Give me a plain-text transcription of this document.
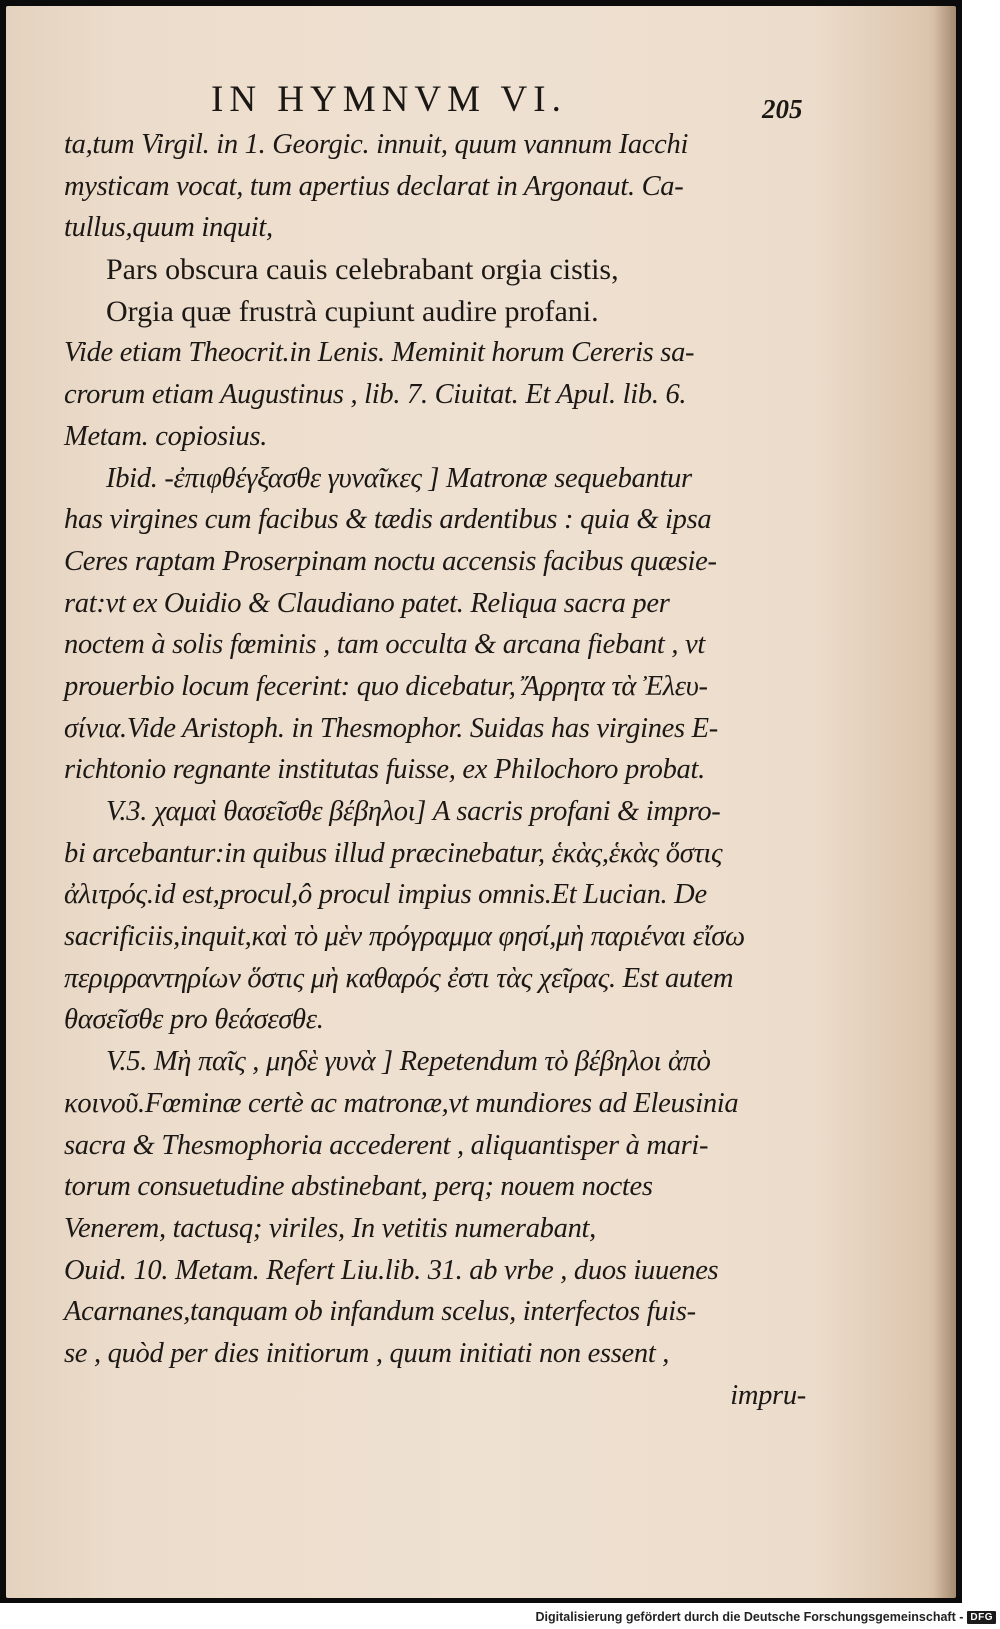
IN HYMNVM VI.	205
ta,tum Virgil. in 1. Georgic. innuit, quum vannum Iacchi
mysticam vocat, tum apertius declarat in Argonaut. Ca-
tullus,quum inquit,
Pars obscura cauis celebrabant orgia cistis,
Orgia quæ frustrà cupiunt audire profani.
Vide etiam Theocrit.in Lenis. Meminit horum Cereris sa-
crorum etiam Augustinus , lib. 7. Ciuitat. Et Apul. lib. 6.
Metam. copiosius.
Ibid. -ἐπιφθέγξασθε γυναῖκες ] Matronæ sequebantur
has virgines cum facibus & tædis ardentibus : quia & ipsa
Ceres raptam Proserpinam noctu accensis facibus quæsie-
rat:vt ex Ouidio & Claudiano patet. Reliqua sacra per
noctem à solis fœminis , tam occulta & arcana fiebant , vt
prouerbio locum fecerint: quo dicebatur, Ἄρρητα τὰ Ἐλευ-
σίνια.Vide Aristoph. in Thesmophor. Suidas has virgines E-
richtonio regnante institutas fuisse, ex Philochoro probat.
V.3. χαμαὶ θασεῖσθε βέβηλοι] A sacris profani & impro-
bi arcebantur:in quibus illud præcinebatur, ἑκὰς,ἑκὰς ὅστις
ἀλιτρός.id est,procul,ô procul impius omnis.Et Lucian. De
sacrificiis,inquit,καὶ τὸ μὲν πρόγραμμα φησί,μὴ παριέναι εἴσω
περιρραντηρίων ὅστις μὴ καθαρός ἐστι τὰς χεῖρας. Est autem
θασεῖσθε pro θεάσεσθε.
V.5. Μὴ παῖς , μηδὲ γυνὰ ] Repetendum τὸ βέβηλοι ἀπὸ
κοινοῦ.Fœminæ certè ac matronæ,vt mundiores ad Eleusinia
sacra & Thesmophoria accederent , aliquantisper à mari-
torum consuetudine abstinebant, perq; nouem noctes
Venerem, tactusq; viriles, In vetitis numerabant,
Ouid. 10. Metam. Refert Liu.lib. 31. ab vrbe , duos iuuenes
Acarnanes,tanquam ob infandum scelus, interfectos fuis-
se , quòd per dies initiorum , quum initiati non essent ,
impru-
Digitalisierung gefördert durch die Deutsche Forschungsgemeinschaft - DFG
